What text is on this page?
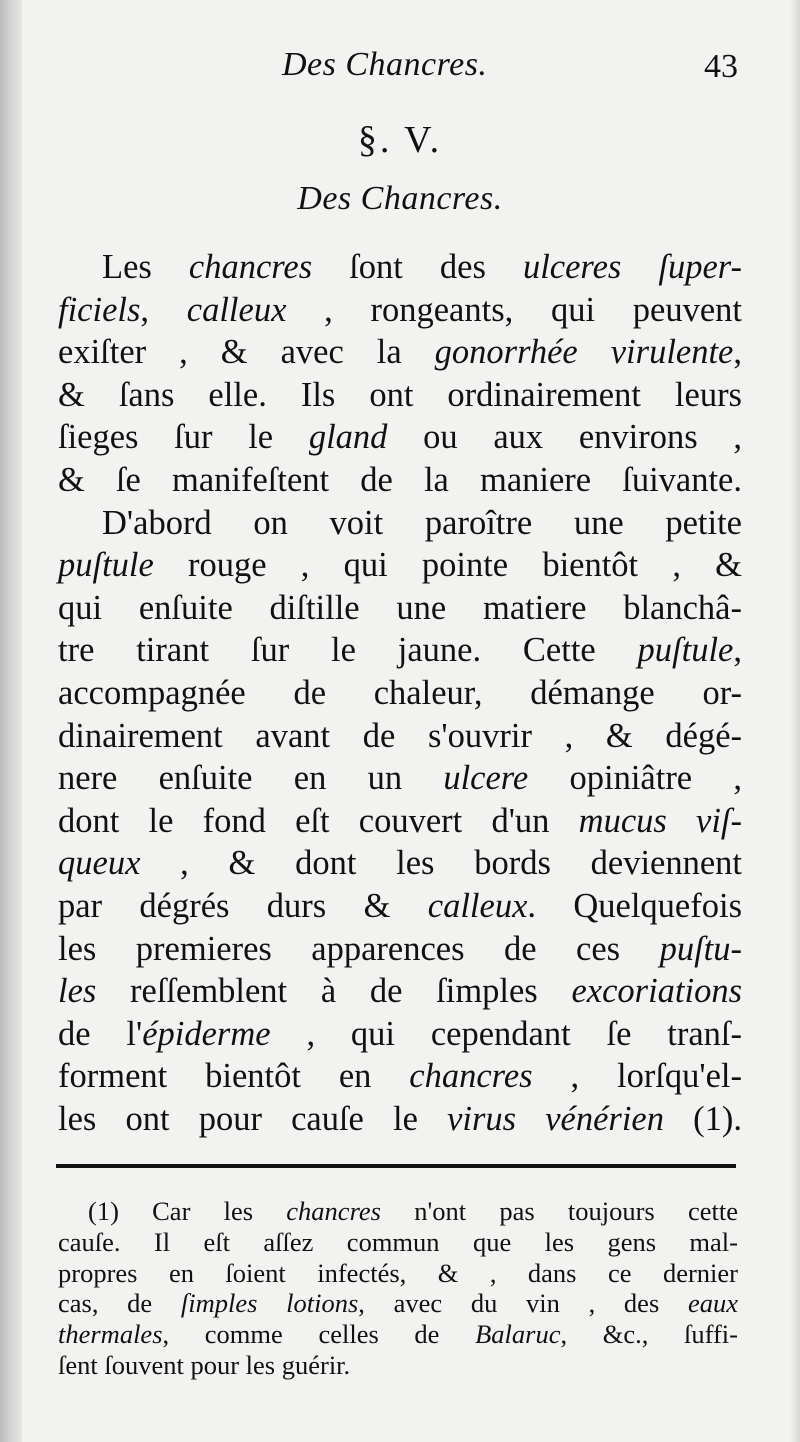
Des Chancres.	43
§. V.
Des Chancres.
Les chancres ſont des ulceres ſuper-
ficiels, calleux , rongeants, qui peuvent
exiſter , & avec la gonorrhée virulente,
& ſans elle. Ils ont ordinairement leurs
ſieges ſur le gland ou aux environs ,
& ſe manifeſtent de la maniere ſuivante.
D'abord on voit paroître une petite
puſtule rouge , qui pointe bientôt , &
qui enſuite diſtille une matiere blanchâ-
tre tirant ſur le jaune. Cette puſtule,
accompagnée de chaleur, démange or-
dinairement avant de s'ouvrir , & dégé-
nere enſuite en un ulcere opiniâtre ,
dont le fond eſt couvert d'un mucus viſ-
queux , & dont les bords deviennent
par dégrés durs & calleux. Quelquefois
les premieres apparences de ces puſtu-
les reſſemblent à de ſimples excoriations
de l'épiderme , qui cependant ſe tranſ-
forment bientôt en chancres , lorſqu'el-
les ont pour cauſe le virus vénérien (1).
(1) Car les chancres n'ont pas toujours cette
cauſe. Il eſt aſſez commun que les gens mal-
propres en ſoient infectés, & , dans ce dernier
cas, de ſimples lotions, avec du vin , des eaux
thermales, comme celles de Balaruc, &c., ſuffi-
ſent ſouvent pour les guérir.
